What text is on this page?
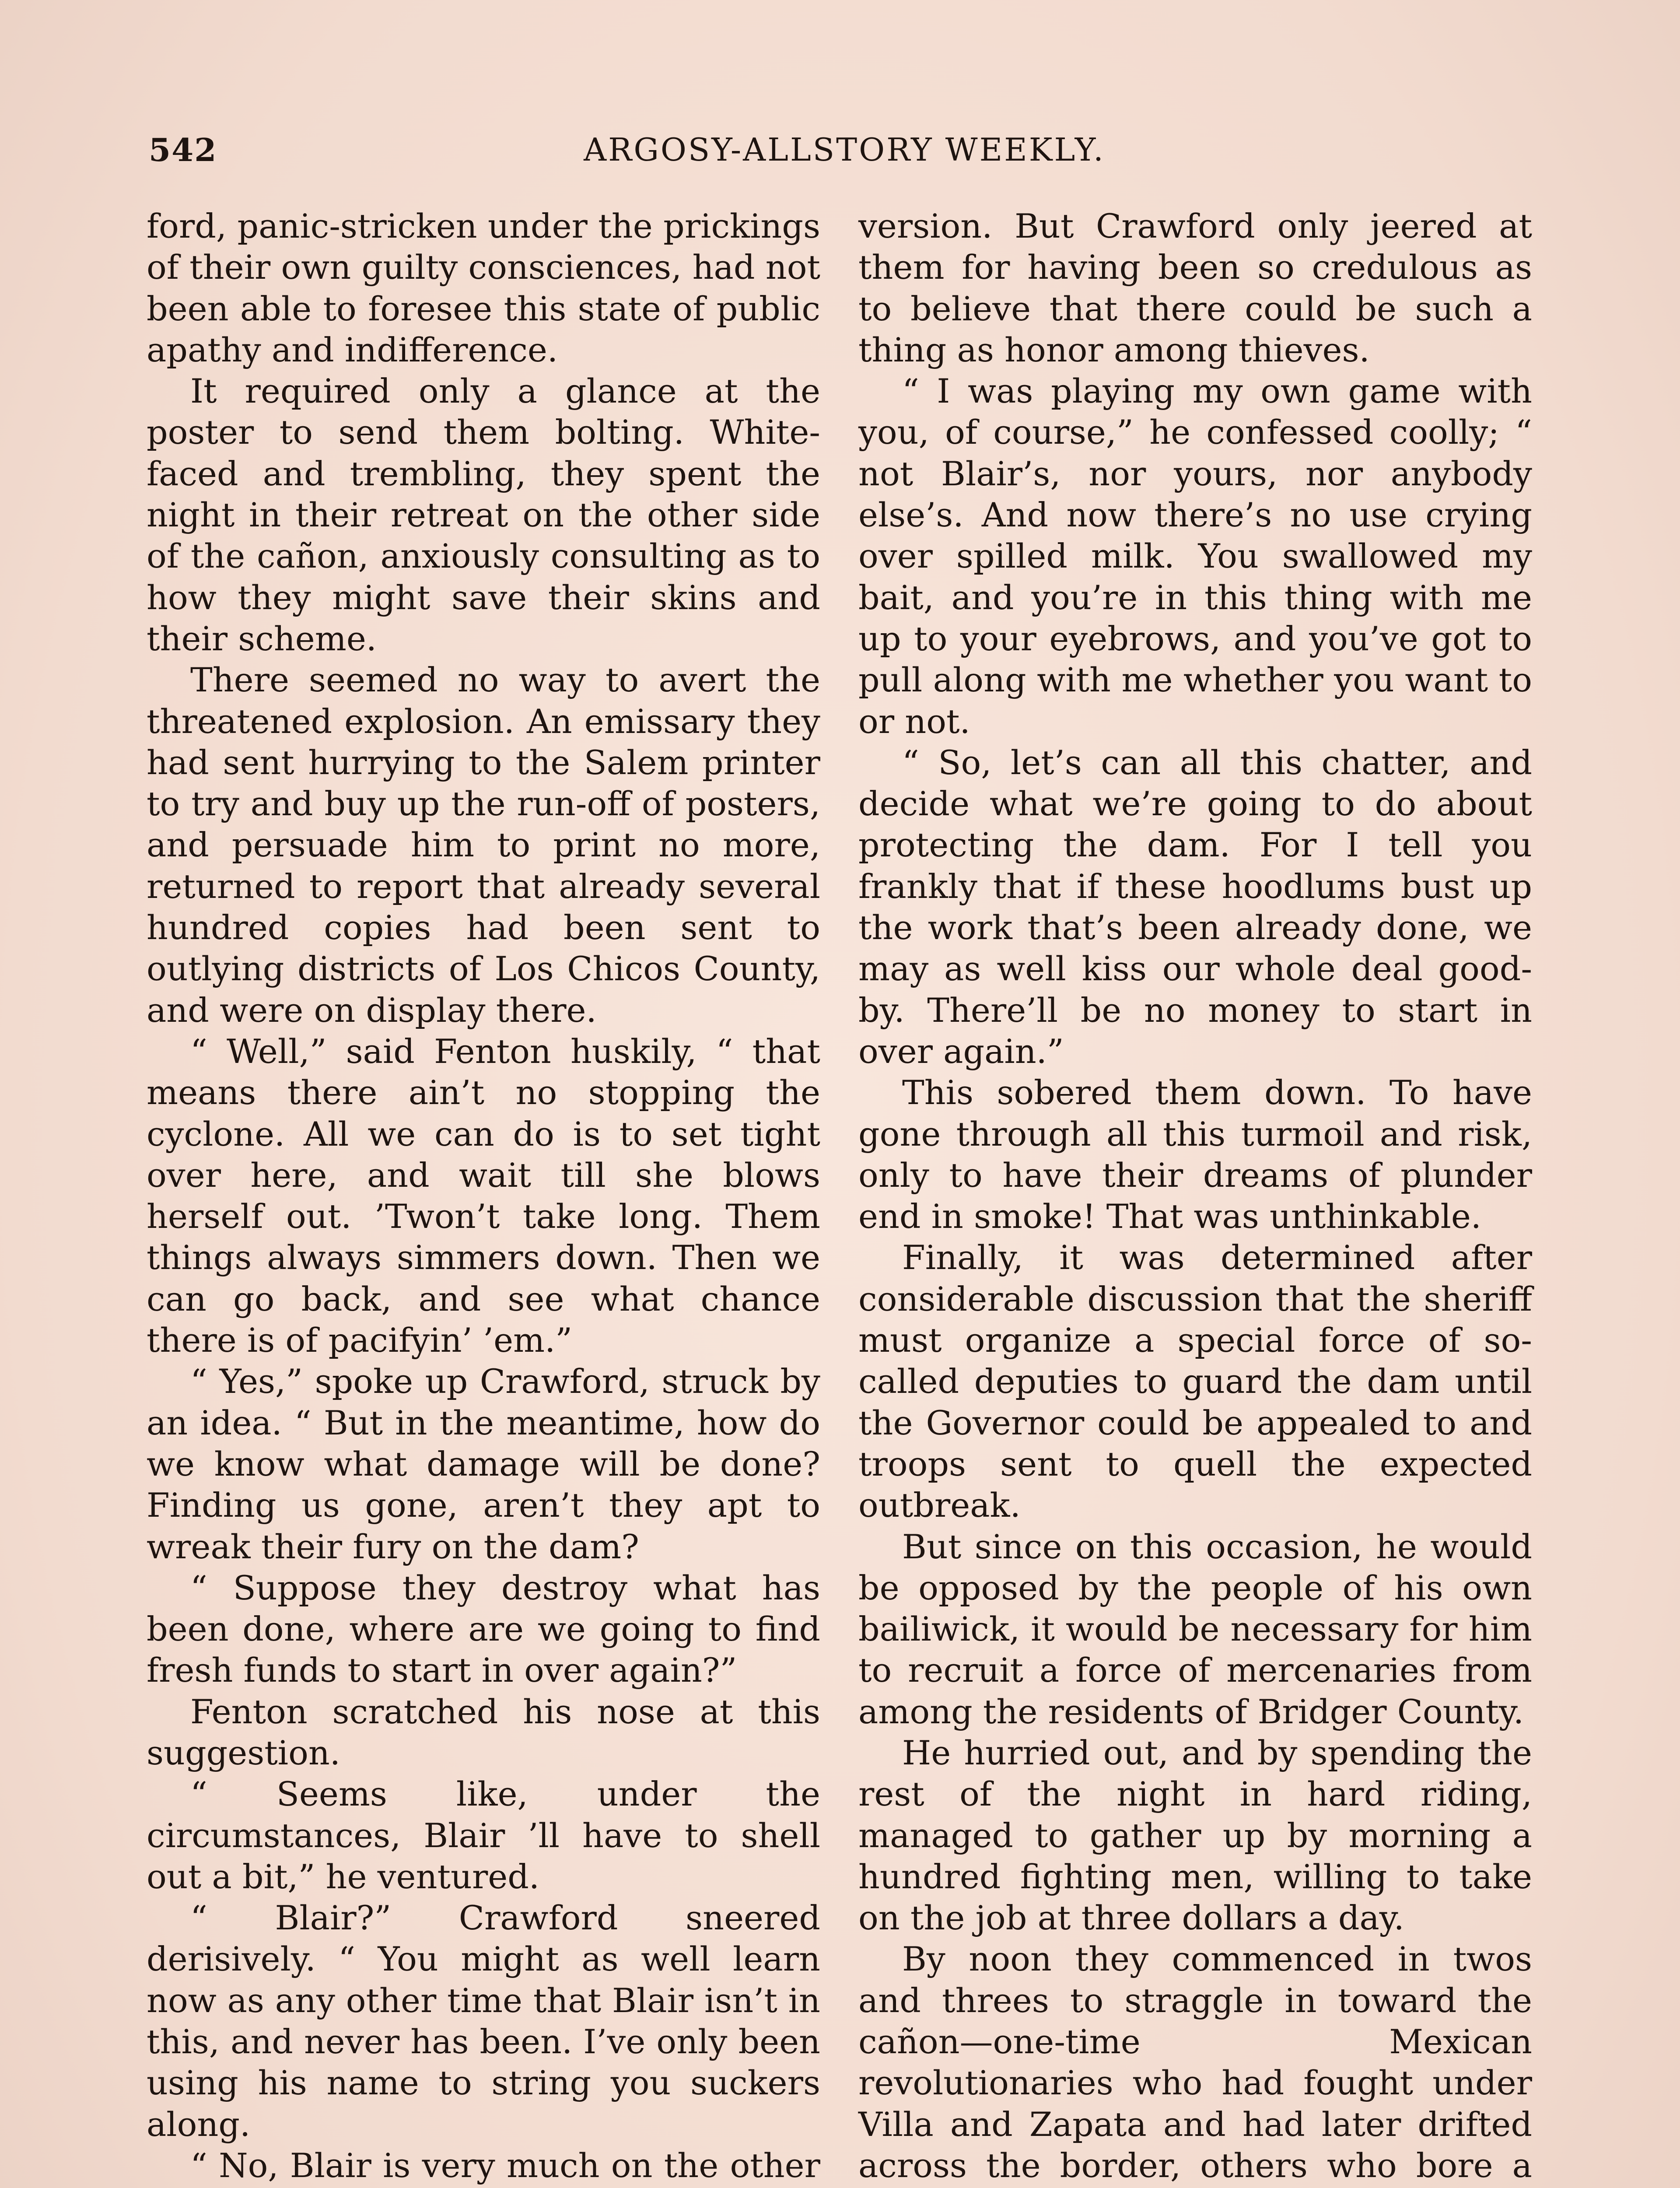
542	ARGOSY-ALLSTORY WEEKLY.

ford, panic-stricken under the prickings of their own guilty consciences, had not been able to foresee this state of public apathy and indifference.

It required only a glance at the poster to send them bolting. White-faced and trembling, they spent the night in their retreat on the other side of the cañon, anxiously consulting as to how they might save their skins and their scheme.

There seemed no way to avert the threatened explosion. An emissary they had sent hurrying to the Salem printer to try and buy up the run-off of posters, and persuade him to print no more, returned to report that already several hundred copies had been sent to outlying districts of Los Chicos County, and were on display there.

“ Well,” said Fenton huskily, “ that means there ain’t no stopping the cyclone. All we can do is to set tight over here, and wait till she blows herself out. ’Twon’t take long. Them things always simmers down. Then we can go back, and see what chance there is of pacifyin’ ’em.”

“ Yes,” spoke up Crawford, struck by an idea. “ But in the meantime, how do we know what damage will be done? Finding us gone, aren’t they apt to wreak their fury on the dam?

“ Suppose they destroy what has been done, where are we going to find fresh funds to start in over again?”

Fenton scratched his nose at this suggestion.

“ Seems like, under the circumstances, Blair ’ll have to shell out a bit,” he ventured.

“ Blair?” Crawford sneered derisively. “ You might as well learn now as any other time that Blair isn’t in this, and never has been. I’ve only been using his name to string you suckers along.

“ No, Blair is very much on the other

version. But Crawford only jeered at them for having been so credulous as to believe that there could be such a thing as honor among thieves.

“ I was playing my own game with you, of course,” he confessed coolly; “ not Blair’s, nor yours, nor anybody else’s. And now there’s no use crying over spilled milk. You swallowed my bait, and you’re in this thing with me up to your eyebrows, and you’ve got to pull along with me whether you want to or not.

“ So, let’s can all this chatter, and decide what we’re going to do about protecting the dam. For I tell you frankly that if these hoodlums bust up the work that’s been already done, we may as well kiss our whole deal good-by. There’ll be no money to start in over again.”

This sobered them down. To have gone through all this turmoil and risk, only to have their dreams of plunder end in smoke! That was unthinkable.

Finally, it was determined after considerable discussion that the sheriff must organize a special force of so-called deputies to guard the dam until the Governor could be appealed to and troops sent to quell the expected outbreak.

But since on this occasion, he would be opposed by the people of his own bailiwick, it would be necessary for him to recruit a force of mercenaries from among the residents of Bridger County.

He hurried out, and by spending the rest of the night in hard riding, managed to gather up by morning a hundred fighting men, willing to take on the job at three dollars a day.

By noon they commenced in twos and threes to straggle in toward the cañon—one-time Mexican revolutionaries who had fought under Villa and Zapata and had later drifted across the border, others who bore a
